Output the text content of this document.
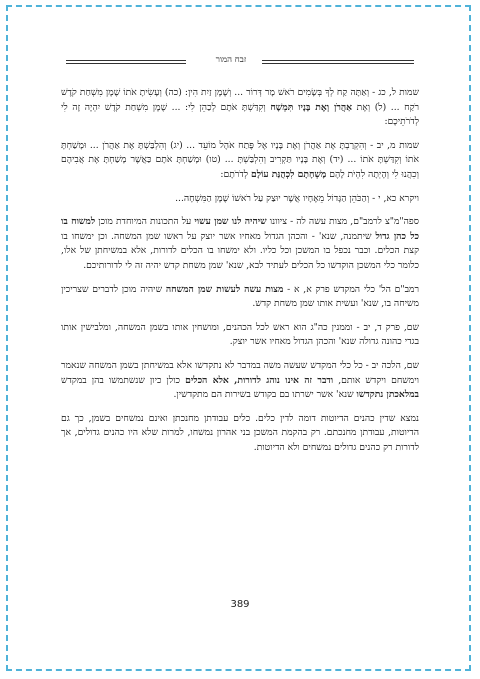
זבח המור

שמות ל, כג - וְאַתָּה קַח לְךָ בְּשָׂמִים רֹאשׁ מָר דְּרוֹר ... וְשֶׁמֶן זַיִת הִין: (כה) וְעָשִׂיתָ אֹתוֹ שֶׁמֶן מִשְׁחַת קֹדֶשׁ רֹקַח ... (ל) וְאֶת אַהֲרֹן וְאֶת בָּנָיו תִּמְשָׁח וְקִדַּשְׁתָּ אֹתָם לְכַהֵן לִי: ... שֶׁמֶן מִשְׁחַת קֹדֶשׁ יִהְיֶה זֶה לִי לְדֹרֹתֵיכֶם:

שמות מ, יב - וְהִקְרַבְתָּ אֶת אַהֲרֹן וְאֶת בָּנָיו אֶל פֶּתַח אֹהֶל מוֹעֵד ... (יג) וְהִלְבַּשְׁתָּ אֶת אַהֲרֹן ... וּמָשַׁחְתָּ אֹתוֹ וְקִדַּשְׁתָּ אֹתוֹ ... (יד) וְאֶת בָּנָיו תַּקְרִיב וְהִלְבַּשְׁתָּ ... (טו) וּמָשַׁחְתָּ אֹתָם כַּאֲשֶׁר מָשַׁחְתָּ אֶת אֲבִיהֶם וְכִהֲנוּ לִי וְהָיְתָה לִהְיֹת לָהֶם מָשְׁחָתָם לִכְהֻנַּת עוֹלָם לְדֹרֹתָם:

ויקרא כא, י - וְהַכֹּהֵן הַגָּדוֹל מֵאֶחָיו אֲשֶׁר יוּצַק עַל רֹאשׁוֹ שֶׁמֶן הַמִּשְׁחָה...

ספה"מ"צ לרמב"ם, מצות עשה לה - ציוונו שיהיה לנו שמן עשוי על התכונות המיוחדת מוכן למשוח בו כל כהן גדול שיתמנה, שנא' - והכהן הגדול מאחיו אשר יוצק על ראשו שמן המשחה. וכן ימשחו בו קצת הכלים. וכבר נכפל בו המשכן וכל כליו. ולא ימשחו בו הכלים לדורות, אלא במשיחתן של אלו, כלומר כלי המשכן הוקדשו כל הכלים לעתיד לבא, שנא' שמן משחת קדש יהיה זה לי לדורותיכם.

רמב"ם הל' כלי המקדש פרק א, א - מצות עשה לעשות שמן המשחה שיהיה מוכן לדברים שצריכין משיחה בו, שנא' ועשית אותו שמן משחת קדש.

שם, פרק ד, יב - וממנין כה"ג הוא ראש לכל הכהנים, ומושחין אותו בשמן המשחה, ומלבישין אותו בגדי כהונה גדולה שנא' והכהן הגדול מאחיו אשר יוצק.

שם, הלכה יב - כל כלי המקדש שעשה משה במדבר לא נתקדשו אלא במשיחתן בשמן המשחה שנאמר וימשחם ויקדש אותם, ודבר זה אינו נוהג לדורות, אלא הכלים כולן כיון שנשתמשו בהן במקדש במלאכתן נתקדשו שנא' אשר ישרתו בם בקודש בשירות הם מתקדשין.

נמצא שדין כהנים הדיוטות דומה לדין כלים. כלים עבודתן מחנכתן ואינם נמשחים בשמן, כך גם הדיוטות, עבודתן מחנכתם. רק בהקמת המשכן בני אהרון נמשחו, למרות שלא היו כהנים גדולים, אך לדורות רק כהנים גדולים נמשחים ולא הדיוטות.

389
